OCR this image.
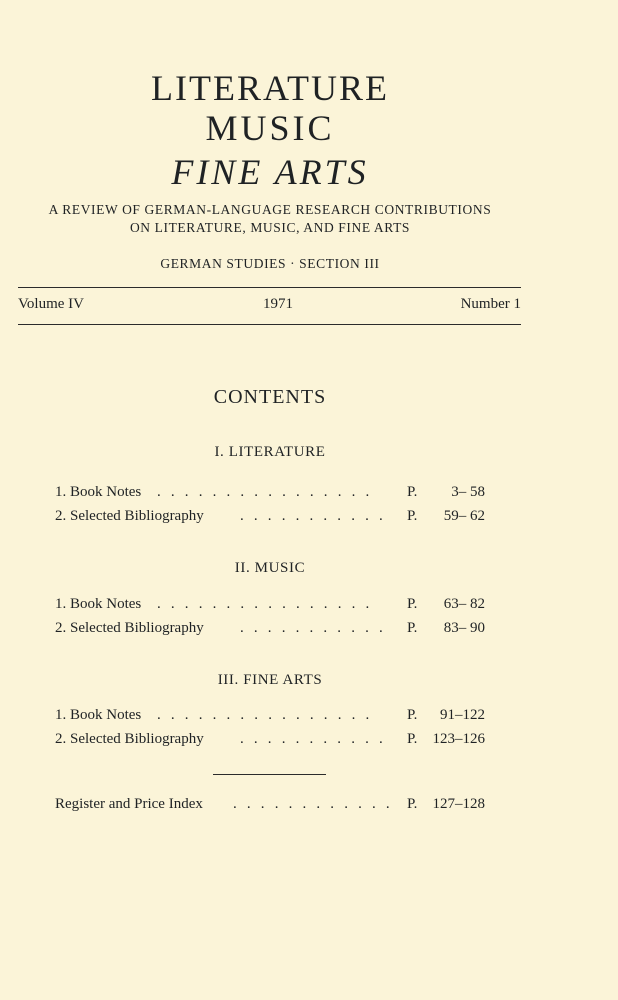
LITERATURE
MUSIC
FINE ARTS
A REVIEW OF GERMAN-LANGUAGE RESEARCH CONTRIBUTIONS
ON LITERATURE, MUSIC, AND FINE ARTS
GERMAN STUDIES · SECTION III
Volume IV	1971	Number 1
CONTENTS
I. LITERATURE
1. Book Notes . . . . . . . . . . . . . . . . P. 3– 58
2. Selected Bibliography . . . . . . . . . . . P. 59– 62
II. MUSIC
1. Book Notes . . . . . . . . . . . . . . . . P. 63– 82
2. Selected Bibliography . . . . . . . . . . . P. 83– 90
III. FINE ARTS
1. Book Notes . . . . . . . . . . . . . . . . P. 91–122
2. Selected Bibliography . . . . . . . . . . . P. 123–126
Register and Price Index . . . . . . . . . . . . P. 127–128
